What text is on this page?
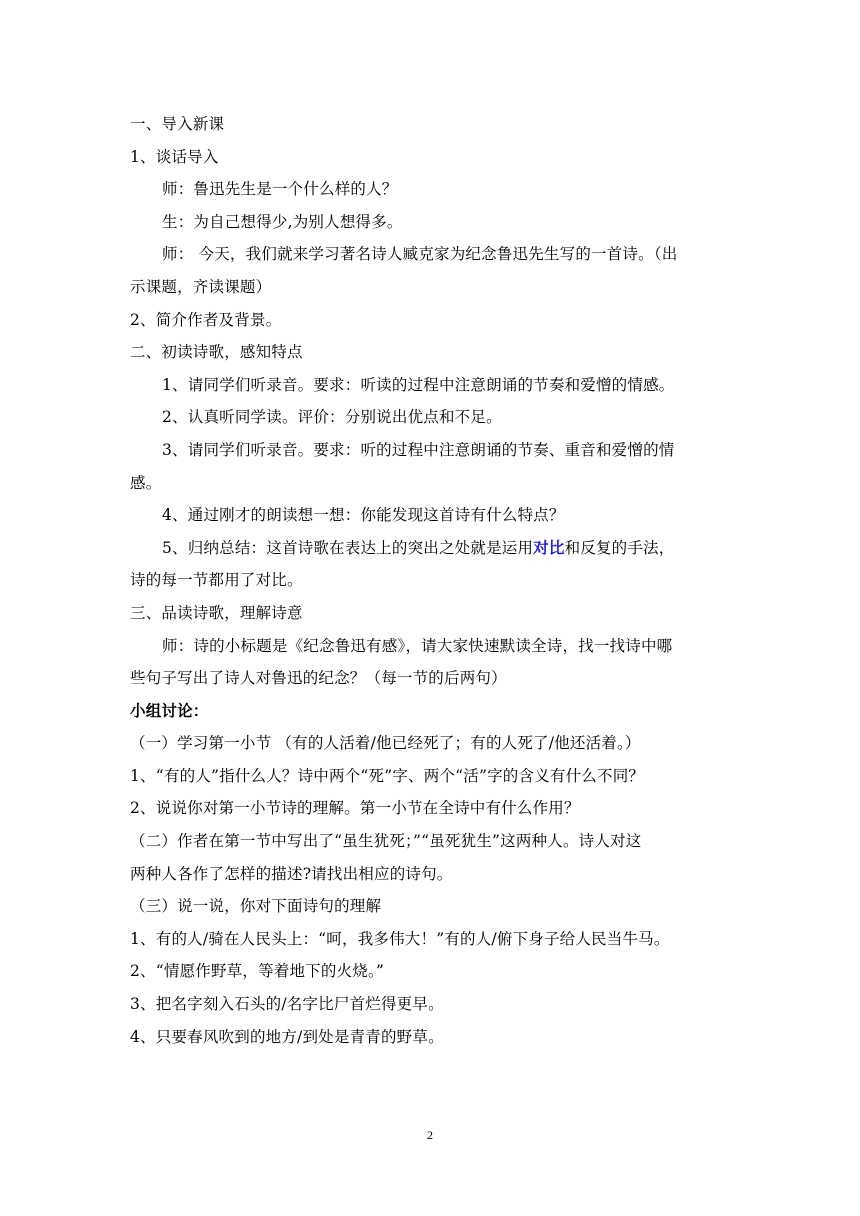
一、导入新课
1、谈话导入
师：鲁迅先生是一个什么样的人？
生：为自己想得少,为别人想得多。
师： 今天，我们就来学习著名诗人臧克家为纪念鲁迅先生写的一首诗。（出
示课题，齐读课题）
2、简介作者及背景。
二、初读诗歌，感知特点
1、请同学们听录音。要求：听读的过程中注意朗诵的节奏和爱憎的情感。
2、认真听同学读。评价：分别说出优点和不足。
3、请同学们听录音。要求：听的过程中注意朗诵的节奏、重音和爱憎的情
感。
4、通过刚才的朗读想一想：你能发现这首诗有什么特点？
5、归纳总结：这首诗歌在表达上的突出之处就是运用对比和反复的手法，
诗的每一节都用了对比。
三、品读诗歌，理解诗意
师：诗的小标题是《纪念鲁迅有感》，请大家快速默读全诗，找一找诗中哪
些句子写出了诗人对鲁迅的纪念？（每一节的后两句）
小组讨论：
（一）学习第一小节 （有的人活着/他已经死了；有的人死了/他还活着。）
1、“有的人”指什么人？诗中两个“死”字、两个“活”字的含义有什么不同？
2、说说你对第一小节诗的理解。第一小节在全诗中有什么作用？
（二）作者在第一节中写出了“虽生犹死；”“虽死犹生”这两种人。诗人对这
两种人各作了怎样的描述?请找出相应的诗句。
（三）说一说，你对下面诗句的理解
1、有的人/骑在人民头上：“呵，我多伟大！”有的人/俯下身子给人民当牛马。
2、“情愿作野草，等着地下的火烧。”
3、把名字刻入石头的/名字比尸首烂得更早。
4、只要春风吹到的地方/到处是青青的野草。
2
